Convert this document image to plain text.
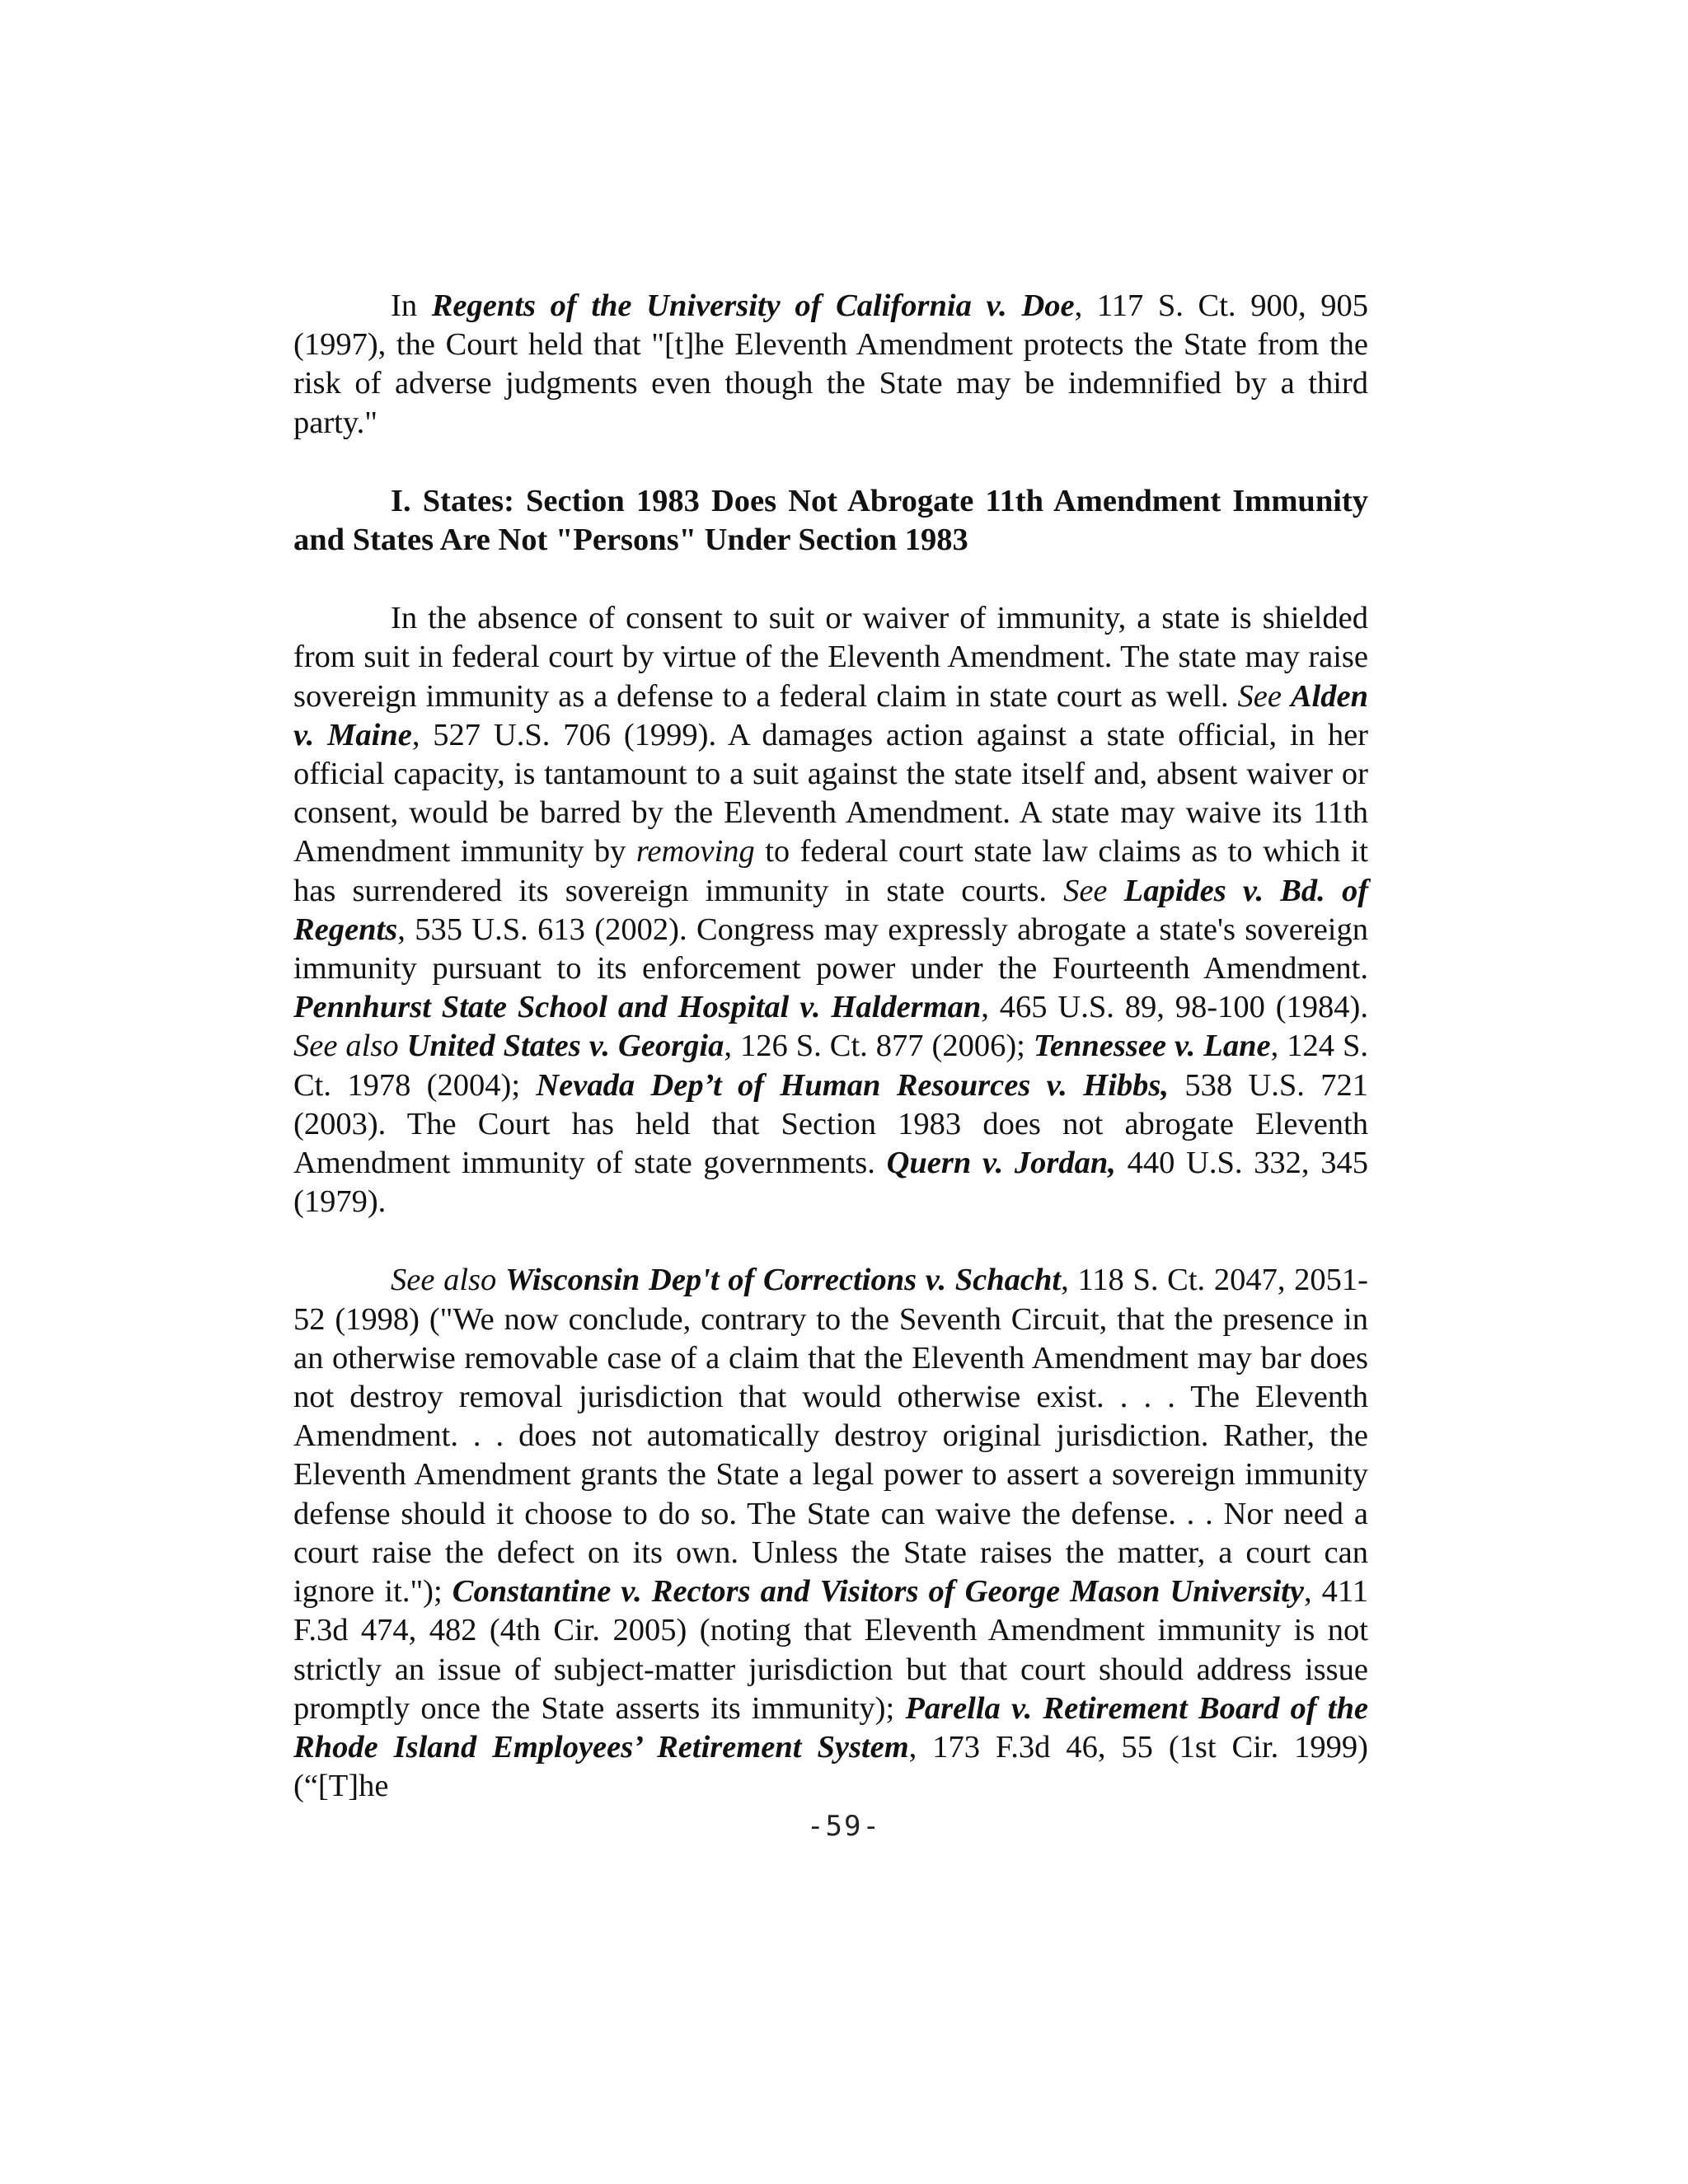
In Regents of the University of California v. Doe, 117 S. Ct. 900, 905 (1997), the Court held that "[t]he Eleventh Amendment protects the State from the risk of adverse judgments even though the State may be indemnified by a third party."

I. States: Section 1983 Does Not Abrogate 11th Amendment Immunity and States Are Not "Persons" Under Section 1983

In the absence of consent to suit or waiver of immunity, a state is shielded from suit in federal court by virtue of the Eleventh Amendment. The state may raise sovereign immunity as a defense to a federal claim in state court as well. See Alden v. Maine, 527 U.S. 706 (1999). A damages action against a state official, in her official capacity, is tantamount to a suit against the state itself and, absent waiver or consent, would be barred by the Eleventh Amendment. A state may waive its 11th Amendment immunity by removing to federal court state law claims as to which it has surrendered its sovereign immunity in state courts. See Lapides v. Bd. of Regents, 535 U.S. 613 (2002). Congress may expressly abrogate a state's sovereign immunity pursuant to its enforcement power under the Fourteenth Amendment. Pennhurst State School and Hospital v. Halderman, 465 U.S. 89, 98-100 (1984). See also United States v. Georgia, 126 S. Ct. 877 (2006); Tennessee v. Lane, 124 S. Ct. 1978 (2004); Nevada Dep’t of Human Resources v. Hibbs, 538 U.S. 721 (2003). The Court has held that Section 1983 does not abrogate Eleventh Amendment immunity of state governments. Quern v. Jordan, 440 U.S. 332, 345 (1979).

See also Wisconsin Dep't of Corrections v. Schacht, 118 S. Ct. 2047, 2051-52 (1998) ("We now conclude, contrary to the Seventh Circuit, that the presence in an otherwise removable case of a claim that the Eleventh Amendment may bar does not destroy removal jurisdiction that would otherwise exist. . . . The Eleventh Amendment. . . does not automatically destroy original jurisdiction. Rather, the Eleventh Amendment grants the State a legal power to assert a sovereign immunity defense should it choose to do so. The State can waive the defense. . . Nor need a court raise the defect on its own. Unless the State raises the matter, a court can ignore it."); Constantine v. Rectors and Visitors of George Mason University, 411 F.3d 474, 482 (4th Cir. 2005) (noting that Eleventh Amendment immunity is not strictly an issue of subject-matter jurisdiction but that court should address issue promptly once the State asserts its immunity); Parella v. Retirement Board of the Rhode Island Employees’ Retirement System, 173 F.3d 46, 55 (1st Cir. 1999) (“[T]he

-59-
